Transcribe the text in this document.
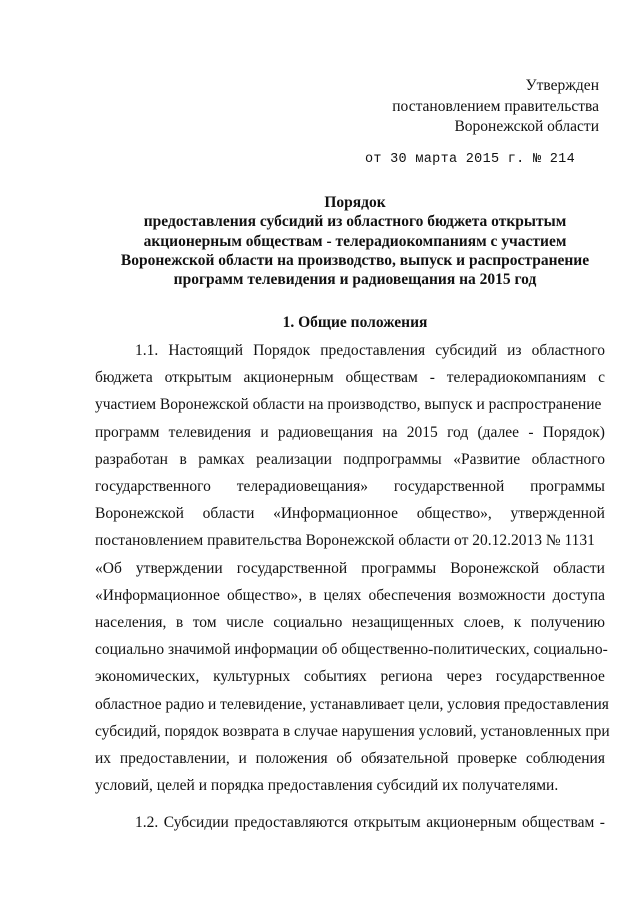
Утвержден
постановлением правительства
Воронежской области
от 30 марта 2015 г. № 214
Порядок
предоставления субсидий из областного бюджета открытым
акционерным обществам - телерадиокомпаниям с участием
Воронежской области на производство, выпуск и распространение
программ телевидения и радиовещания на 2015 год
1. Общие положения
1.1. Настоящий Порядок предоставления субсидий из областного
бюджета открытым акционерным обществам - телерадиокомпаниям с
участием Воронежской области на производство, выпуск и распространение
программ телевидения и радиовещания на 2015 год (далее - Порядок)
разработан в рамках реализации подпрограммы «Развитие областного
государственного телерадиовещания» государственной программы
Воронежской области «Информационное общество», утвержденной
постановлением правительства Воронежской области от 20.12.2013 № 1131
«Об утверждении государственной программы Воронежской области
«Информационное общество», в целях обеспечения возможности доступа
населения, в том числе социально незащищенных слоев, к получению
социально значимой информации об общественно-политических, социально-
экономических, культурных событиях региона через государственное
областное радио и телевидение, устанавливает цели, условия предоставления
субсидий, порядок возврата в случае нарушения условий, установленных при
их предоставлении, и положения об обязательной проверке соблюдения
условий, целей и порядка предоставления субсидий их получателями.
1.2. Субсидии предоставляются открытым акционерным обществам -
